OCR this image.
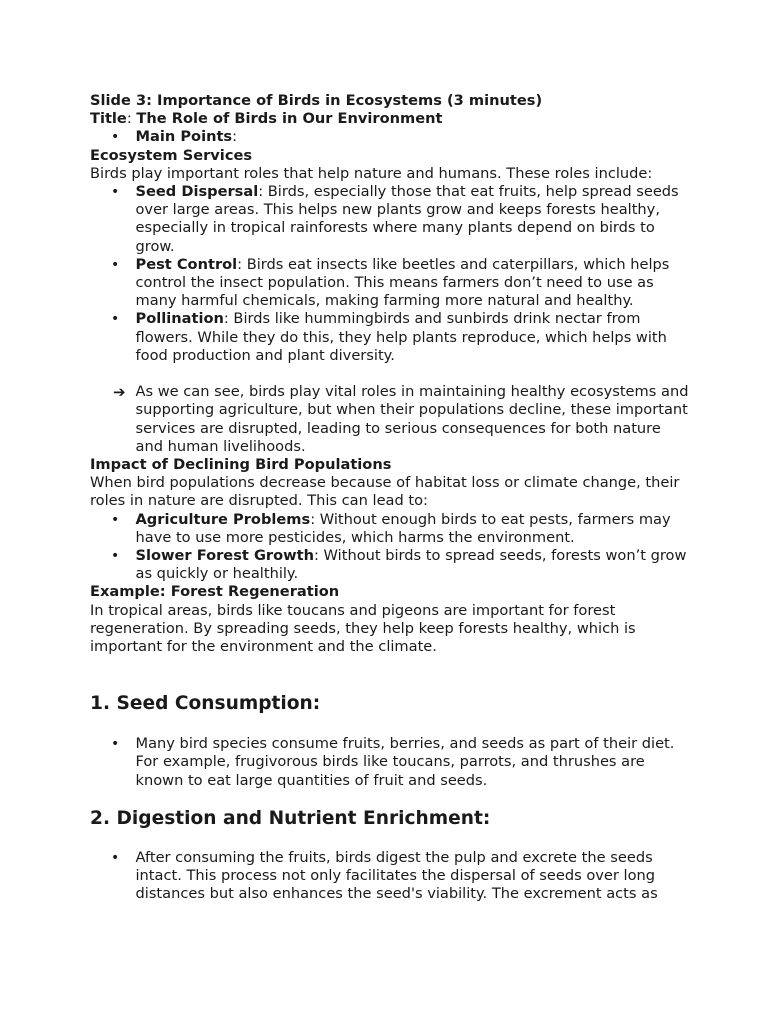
Slide 3: Importance of Birds in Ecosystems (3 minutes)

Title: The Role of Birds in Our Environment

• Main Points:

Ecosystem Services

Birds play important roles that help nature and humans. These roles include:

• Seed Dispersal: Birds, especially those that eat fruits, help spread seeds over large areas. This helps new plants grow and keeps forests healthy, especially in tropical rainforests where many plants depend on birds to grow.
• Pest Control: Birds eat insects like beetles and caterpillars, which helps control the insect population. This means farmers don’t need to use as many harmful chemicals, making farming more natural and healthy.
• Pollination: Birds like hummingbirds and sunbirds drink nectar from flowers. While they do this, they help plants reproduce, which helps with food production and plant diversity.
➔ As we can see, birds play vital roles in maintaining healthy ecosystems and supporting agriculture, but when their populations decline, these important services are disrupted, leading to serious consequences for both nature and human livelihoods.

Impact of Declining Bird Populations

When bird populations decrease because of habitat loss or climate change, their roles in nature are disrupted. This can lead to:

• Agriculture Problems: Without enough birds to eat pests, farmers may have to use more pesticides, which harms the environment.
• Slower Forest Growth: Without birds to spread seeds, forests won’t grow as quickly or healthily.

Example: Forest Regeneration

In tropical areas, birds like toucans and pigeons are important for forest regeneration. By spreading seeds, they help keep forests healthy, which is important for the environment and the climate.

1. Seed Consumption:
• Many bird species consume fruits, berries, and seeds as part of their diet. For example, frugivorous birds like toucans, parrots, and thrushes are known to eat large quantities of fruit and seeds.
2. Digestion and Nutrient Enrichment:
• After consuming the fruits, birds digest the pulp and excrete the seeds intact. This process not only facilitates the dispersal of seeds over long distances but also enhances the seed's viability. The excrement acts as
